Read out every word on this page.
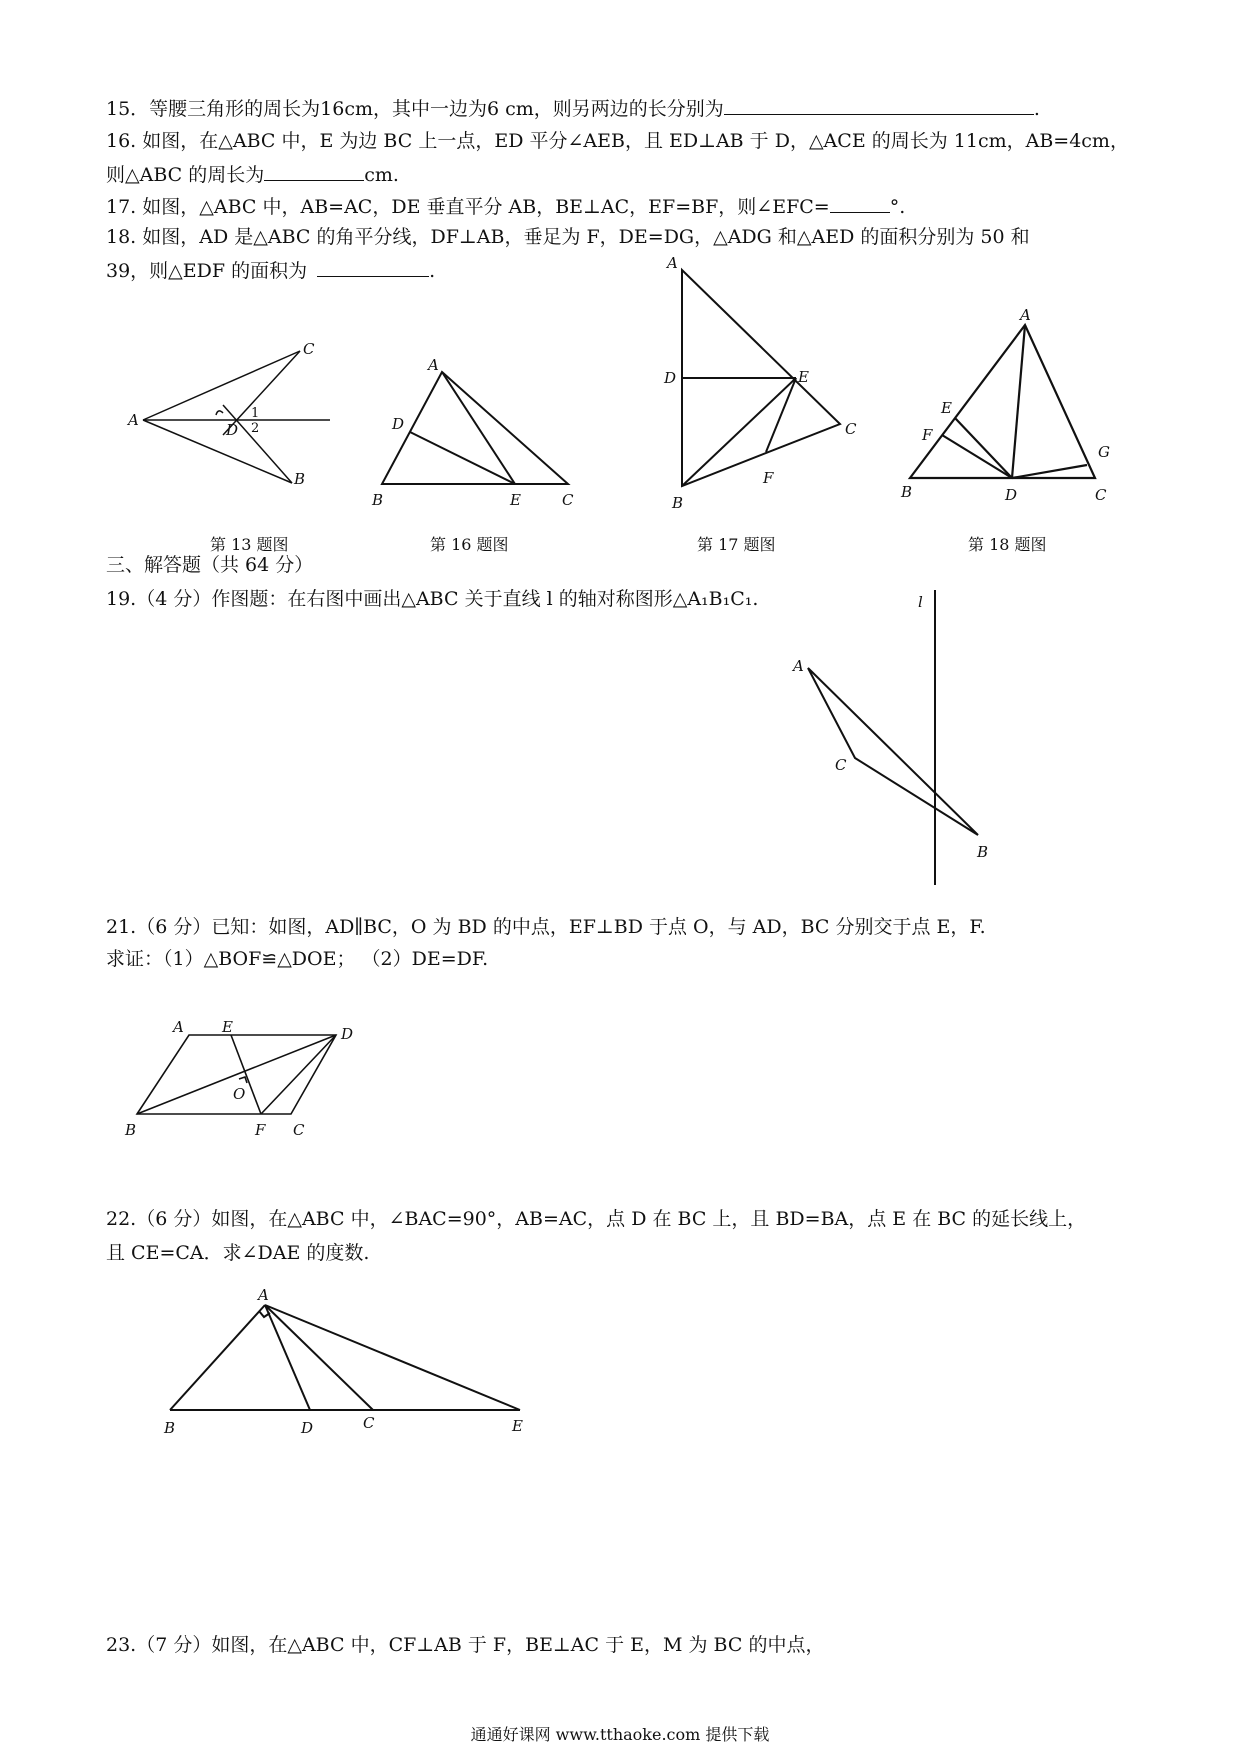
15．等腰三角形的周长为16cm，其中一边为6 cm，则另两边的长分别为	.
16. 如图，在△ABC 中，E 为边 BC 上一点，ED 平分∠AEB，且 ED⊥AB 于 D，△ACE 的周长为 11cm，AB=4cm，
则△ABC 的周长为	cm.
17. 如图，△ABC 中，AB=AC，DE 垂直平分 AB，BE⊥AC，EF=BF，则∠EFC=	°.
18. 如图，AD 是△ABC 的角平分线，DF⊥AB，垂足为 F，DE=DG，△ADG 和△AED 的面积分别为 50 和
39，则△EDF 的面积为	.
A
C
B
D
1
2
第 13 题图
A
D
B	E	C
第 16 题图
A
D	E
C
F
B
第 17 题图
A
E
F
G
B	D	C
第 18 题图
三、解答题（共 64 分）
19.（4 分）作图题：在右图中画出△ABC 关于直线 l 的轴对称图形△A₁B₁C₁.	l
A
C
B
21.（6 分）已知：如图，AD∥BC，O 为 BD 的中点，EF⊥BD 于点 O，与 AD，BC 分别交于点 E，F.
求证：（1）△BOF≌△DOE； （2）DE=DF.
A	E	D
O
B	F C
22.（6 分）如图，在△ABC 中，∠BAC=90°，AB=AC，点 D 在 BC 上，且 BD=BA，点 E 在 BC 的延长线上，
且 CE=CA．求∠DAE 的度数.
A
B	D	C	E
23.（7 分）如图，在△ABC 中，CF⊥AB 于 F，BE⊥AC 于 E，M 为 BC 的中点，
通通好课网 www.tthaoke.com 提供下载
